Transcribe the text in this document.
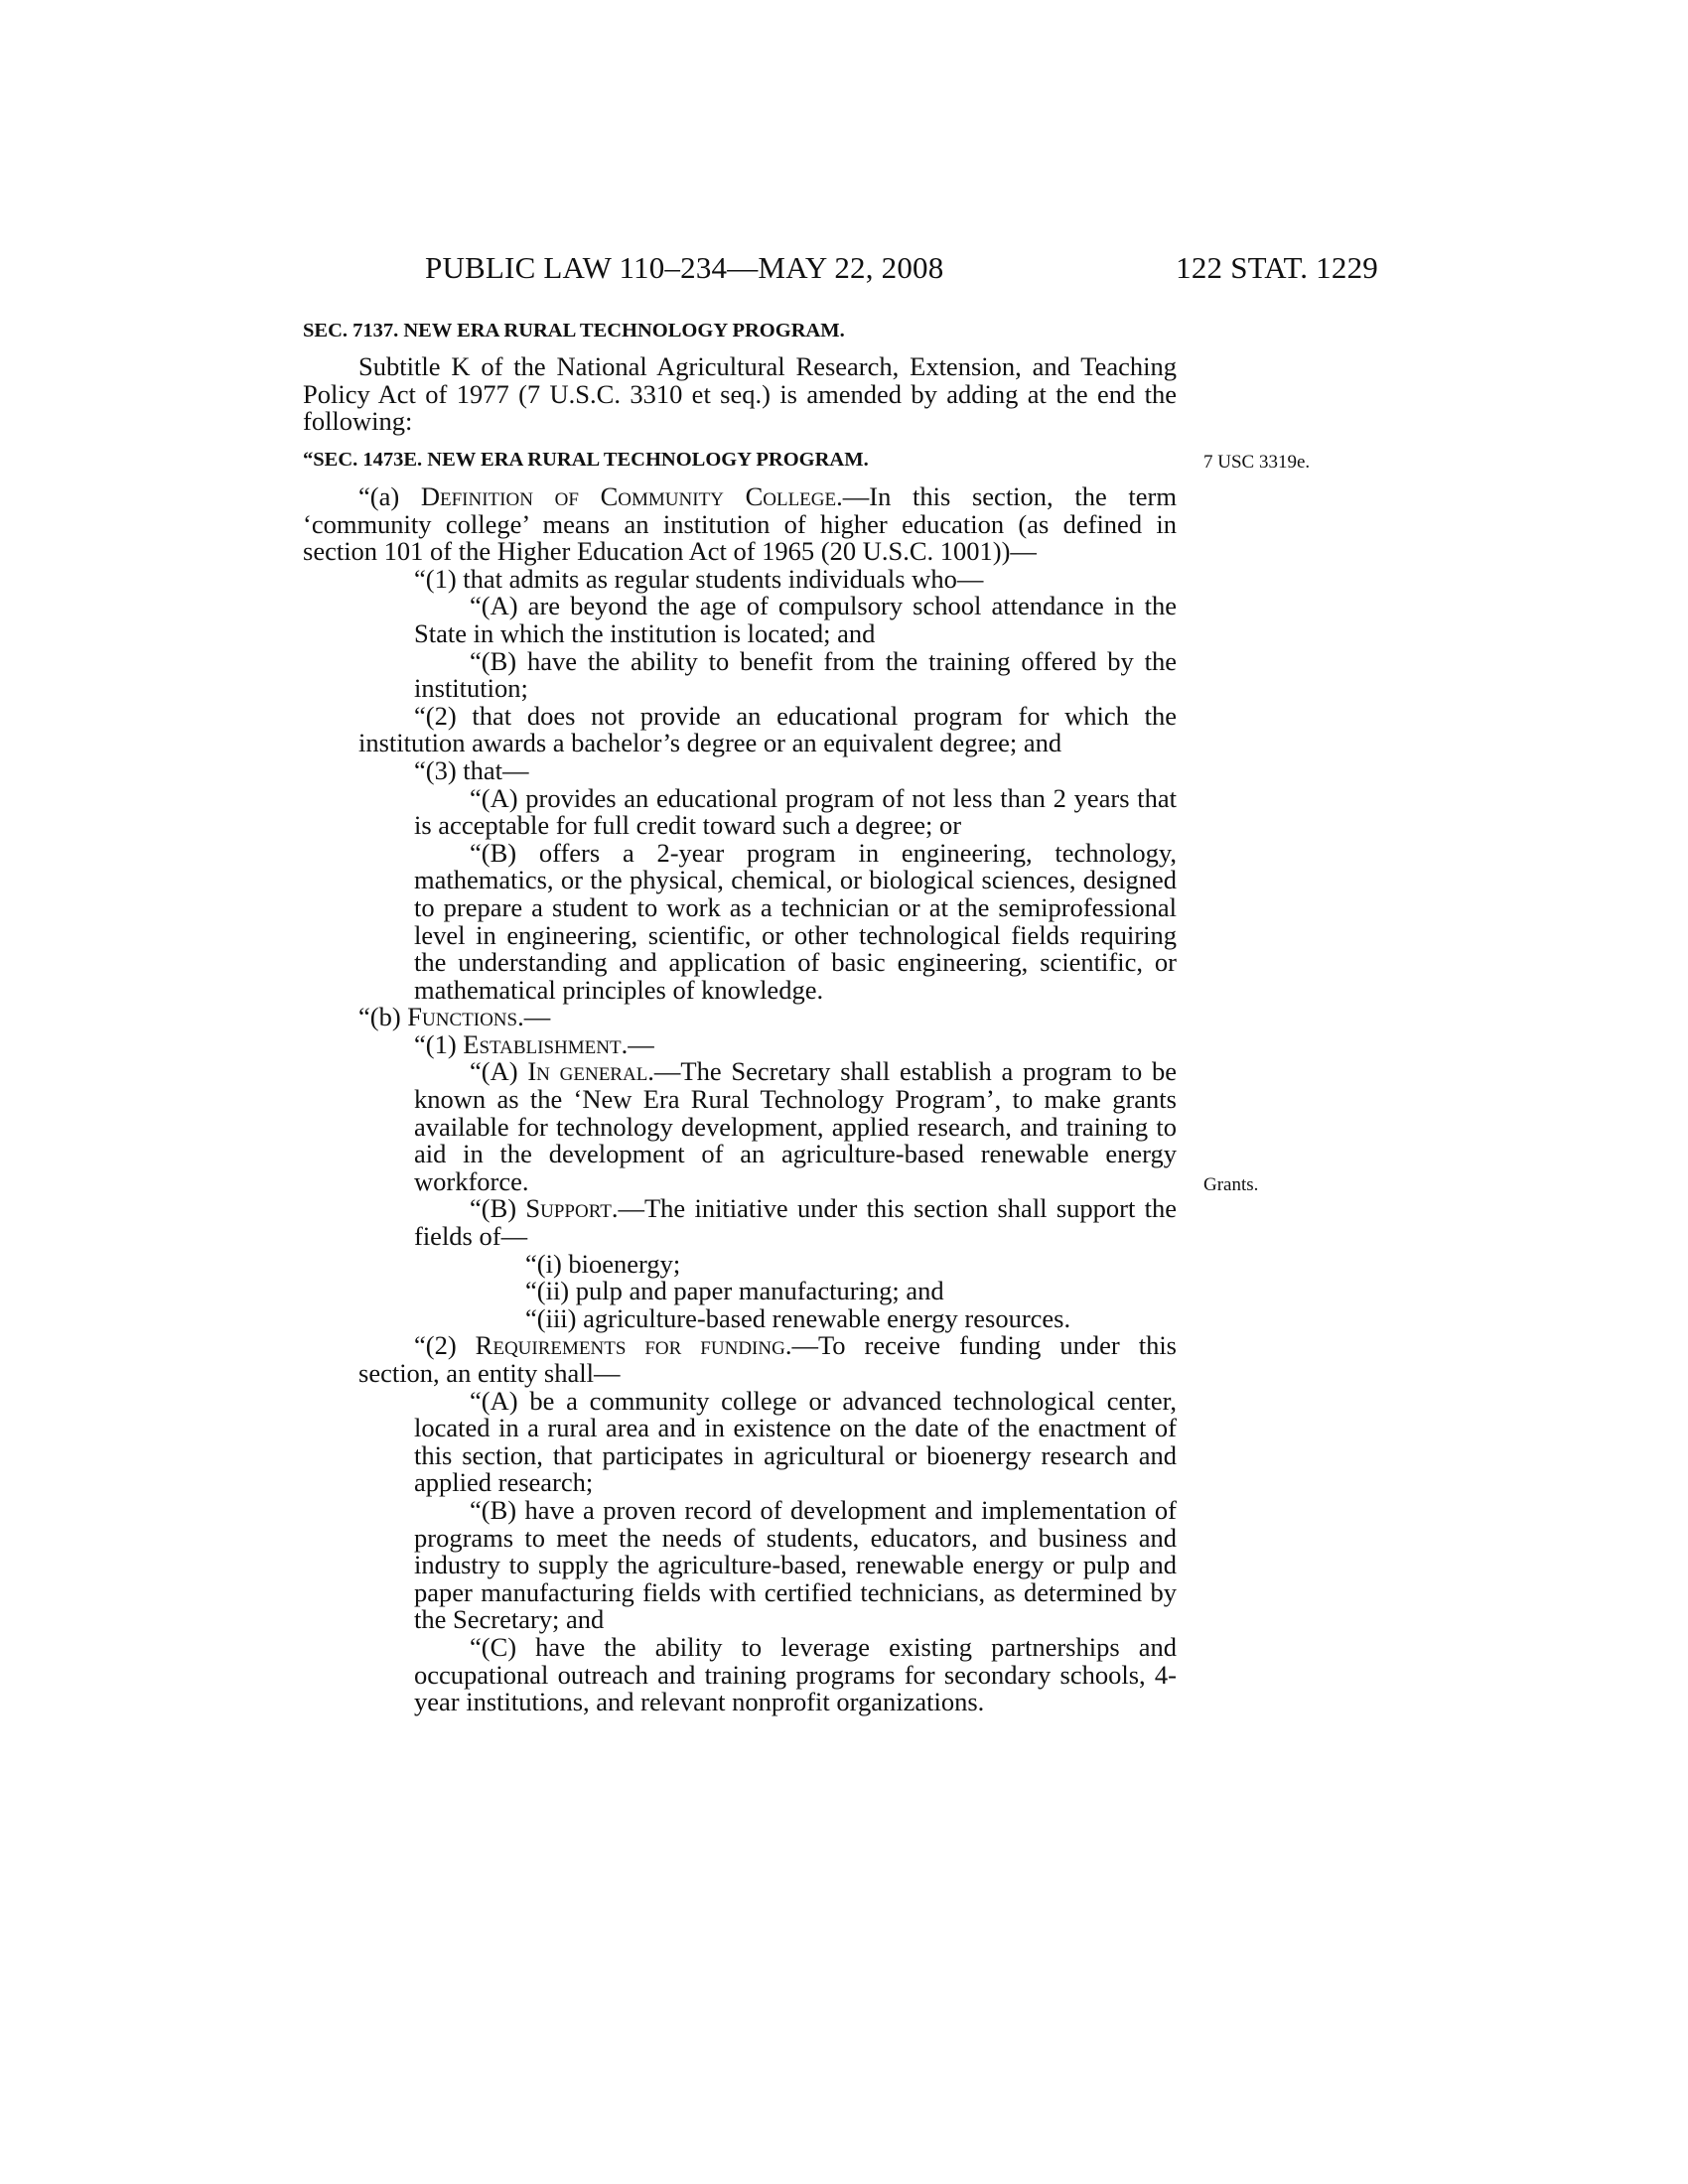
PUBLIC LAW 110–234—MAY 22, 2008	122 STAT. 1229
SEC. 7137. NEW ERA RURAL TECHNOLOGY PROGRAM.

Subtitle K of the National Agricultural Research, Extension, and Teaching Policy Act of 1977 (7 U.S.C. 3310 et seq.) is amended by adding at the end the following:

“SEC. 1473E. NEW ERA RURAL TECHNOLOGY PROGRAM.	7 USC 3319e.

“(a) Definition of Community College.—In this section, the term ‘community college’ means an institution of higher education (as defined in section 101 of the Higher Education Act of 1965 (20 U.S.C. 1001))—

“(1) that admits as regular students individuals who—

“(A) are beyond the age of compulsory school attendance in the State in which the institution is located; and

“(B) have the ability to benefit from the training offered by the institution;

“(2) that does not provide an educational program for which the institution awards a bachelor’s degree or an equivalent degree; and

“(3) that—

“(A) provides an educational program of not less than 2 years that is acceptable for full credit toward such a degree; or

“(B) offers a 2-year program in engineering, technology, mathematics, or the physical, chemical, or biological sciences, designed to prepare a student to work as a technician or at the semiprofessional level in engineering, scientific, or other technological fields requiring the understanding and application of basic engineering, scientific, or mathematical principles of knowledge.

“(b) Functions.—

“(1) Establishment.—

“(A) In general.—The Secretary shall establish a program to be known as the ‘New Era Rural Technology Program’, to make grants available for technology development, applied research, and training to aid in the development of an agriculture-based renewable energy workforce.

“(B) Support.—The initiative under this section shall support the fields of—

“(i) bioenergy;

“(ii) pulp and paper manufacturing; and

“(iii) agriculture-based renewable energy resources.

“(2) Requirements for funding.—To receive funding under this section, an entity shall—

“(A) be a community college or advanced technological center, located in a rural area and in existence on the date of the enactment of this section, that participates in agricultural or bioenergy research and applied research;

“(B) have a proven record of development and implementation of programs to meet the needs of students, educators, and business and industry to supply the agriculture-based, renewable energy or pulp and paper manufacturing fields with certified technicians, as determined by the Secretary; and

“(C) have the ability to leverage existing partnerships and occupational outreach and training programs for secondary schools, 4-year institutions, and relevant nonprofit organizations.

Grants.
